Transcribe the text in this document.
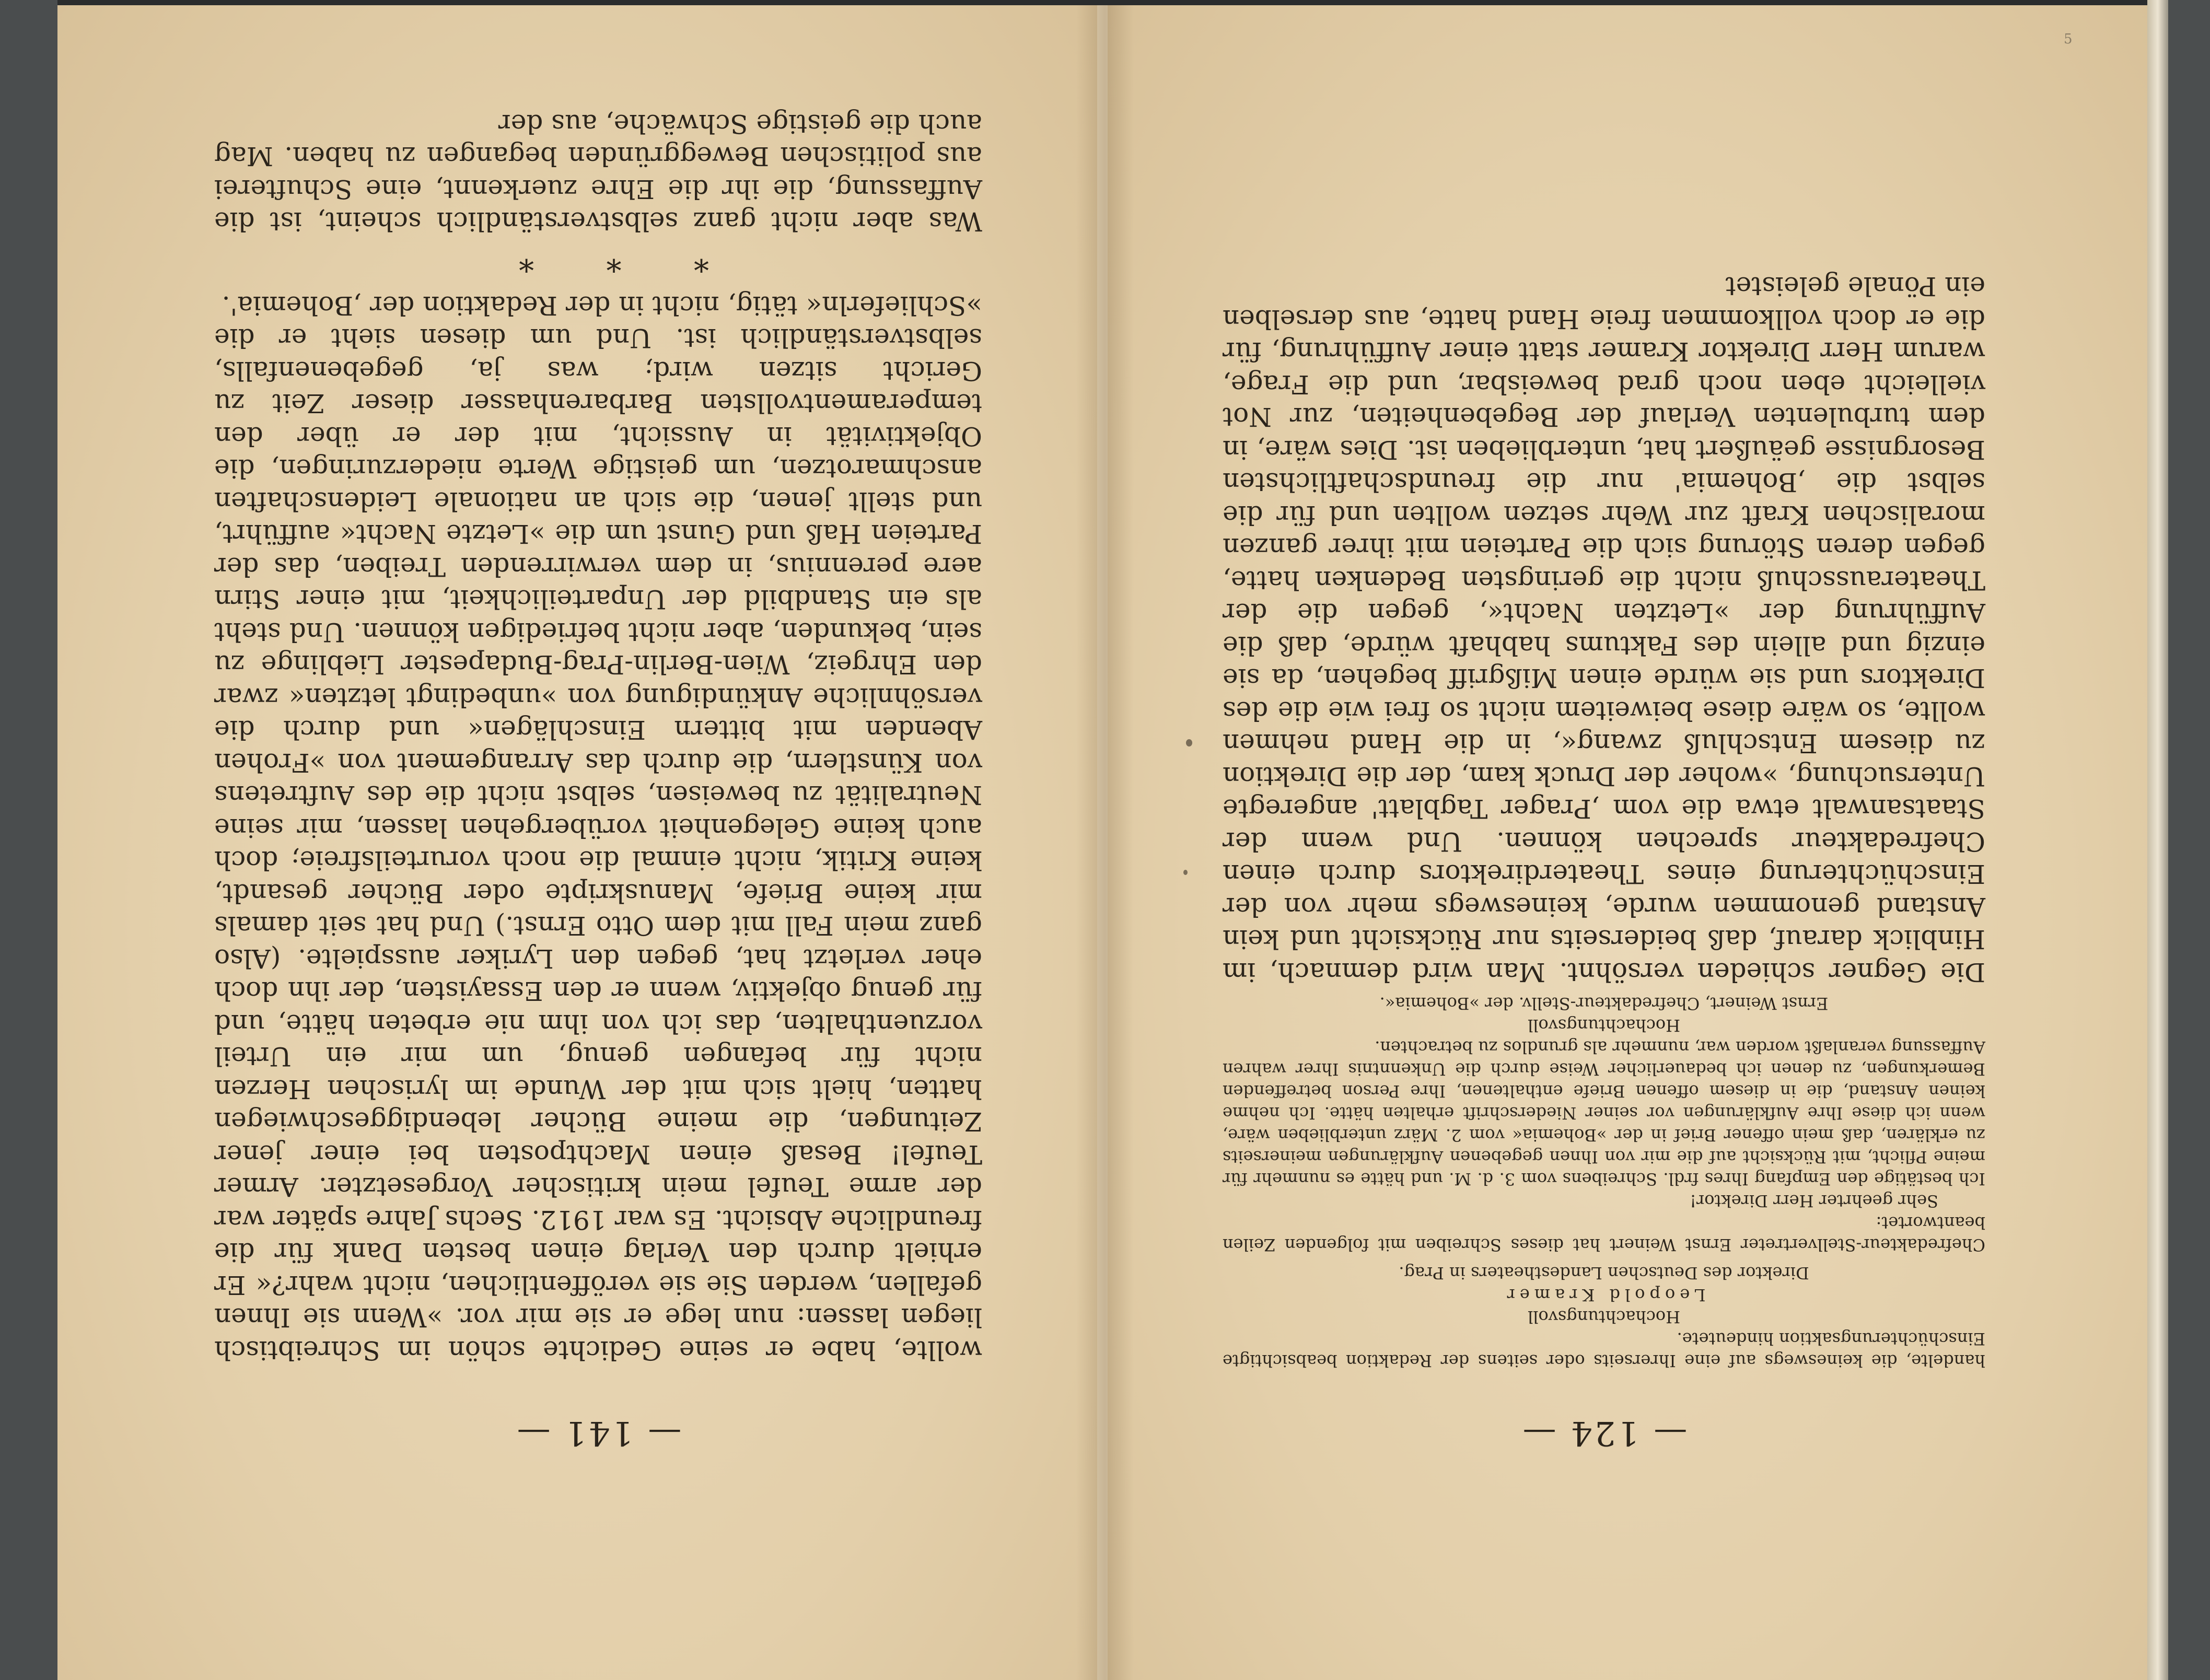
5
— 141 —

wollte, habe er seine Gedichte schön im Schreibtisch liegen lassen: nun lege er sie mir vor. »Wenn sie Ihnen gefallen, werden Sie sie veröffentlichen, nicht wahr?« Er erhielt durch den Verlag einen besten Dank für die freundliche Absicht. Es war 1912. Sechs Jahre später war der arme Teufel mein kritischer Vorgesetzter. Armer Teufel! Besaß einen Machtposten bei einer jener Zeitungen, die meine Bücher lebendiggeschwiegen hatten, hielt sich mit der Wunde im lyrischen Herzen nicht für befangen genug, um mir ein Urteil vorzuenthalten, das ich von ihm nie erbeten hätte, und für genug objektiv, wenn er den Essayisten, der ihn doch eher verletzt hat, gegen den Lyriker ausspielte. (Also ganz mein Fall mit dem Otto Ernst.) Und hat seit damals mir keine Briefe, Manuskripte oder Bücher gesandt, keine Kritik, nicht einmal die noch vorurteilsfreie; doch auch keine Gelegenheit vorübergehen lassen, mir seine Neutralität zu beweisen, selbst nicht die des Auftretens von Künstlern, die durch das Arrangement von »Frohen Abenden mit bittern Einschlägen« und durch die versöhnliche Ankündigung von »unbedingt letzten« zwar den Ehrgeiz, Wien-Berlin-Prag-Budapester Lieblinge zu sein, bekunden, aber nicht befriedigen können. Und steht als ein Standbild der Unparteilichkeit, mit einer Stirn aere perennius, in dem verwirrenden Treiben, das der Parteien Haß und Gunst um die »Letzte Nacht« aufführt, und stellt jenen, die sich an nationale Leidenschaften anschmarotzen, um geistige Werte niederzuringen, die Objektivität in Aussicht, mit der er über den temperamentvollsten Barbarenhasser dieser Zeit zu Gericht sitzen wird; was ja, gegebenenfalls, selbstverständlich ist. Und um diesen sieht er die »Schlieferln« tätig, nicht in der Redaktion der ‚Bohemia'.

* * *

Was aber nicht ganz selbstverständlich scheint, ist die Auffassung, die ihr die Ehre zuerkennt, eine Schufterei aus politischen Beweggründen begangen zu haben. Mag auch die geistige Schwäche, aus der

— 124 —

handelte, die keineswegs auf eine Ihrerseits oder seitens der Redaktion beabsichtigte Einschüchterungsaktion hindeutete.

Hochachtungsvoll

Leopold Kramer

Direktor des Deutschen Landestheaters in Prag.

Chefredakteur-Stellvertreter Ernst Weinert hat dieses Schreiben mit folgenden Zeilen beantwortet:

Sehr geehrter Herr Direktor!

Ich bestätige den Empfang Ihres frdl. Schreibens vom 3. d. M. und hätte es nunmehr für meine Pflicht, mit Rücksicht auf die mir von Ihnen gegebenen Aufklärungen meinerseits zu erklären, daß mein offener Brief in der »Bohemia« vom 2. März unterblieben wäre, wenn ich diese Ihre Aufklärungen vor seiner Niederschrift erhalten hätte. Ich nehme keinen Anstand, die in diesem offenen Briefe enthaltenen, Ihre Person betreffenden Bemerkungen, zu denen ich bedauerlicher Weise durch die Unkenntnis Ihrer wahren Auffassung veranlaßt worden war, nunmehr als grundlos zu betrachten.

Hochachtungsvoll

Ernst Weinert, Chefredakteur-Stellv. der »Bohemia«.

Die Gegner schieden versöhnt. Man wird demnach, im Hinblick darauf, daß beiderseits nur Rücksicht und kein Anstand genommen wurde, keineswegs mehr von der Einschüchterung eines Theaterdirektors durch einen Chefredakteur sprechen können. Und wenn der Staatsanwalt etwa die vom ‚Prager Tagblatt' angeregte Untersuchung, »woher der Druck kam, der die Direktion zu diesem Entschluß zwang«, in die Hand nehmen wollte, so wäre diese beiweitem nicht so frei wie die des Direktors und sie würde einen Mißgriff begehen, da sie einzig und allein des Faktums habhaft würde, daß die Aufführung der »Letzten Nacht«, gegen die der Theaterausschuß nicht die geringsten Bedenken hatte, gegen deren Störung sich die Parteien mit ihrer ganzen moralischen Kraft zur Wehr setzen wollten und für die selbst die ‚Bohemia' nur die freundschaftlichsten Besorgnisse geäußert hat, unterblieben ist. Dies wäre, in dem turbulenten Verlauf der Begebenheiten, zur Not vielleicht eben noch grad beweisbar, und die Frage, warum Herr Direktor Kramer statt einer Aufführung, für die er doch vollkommen freie Hand hatte, aus derselben ein Pönale geleistet
